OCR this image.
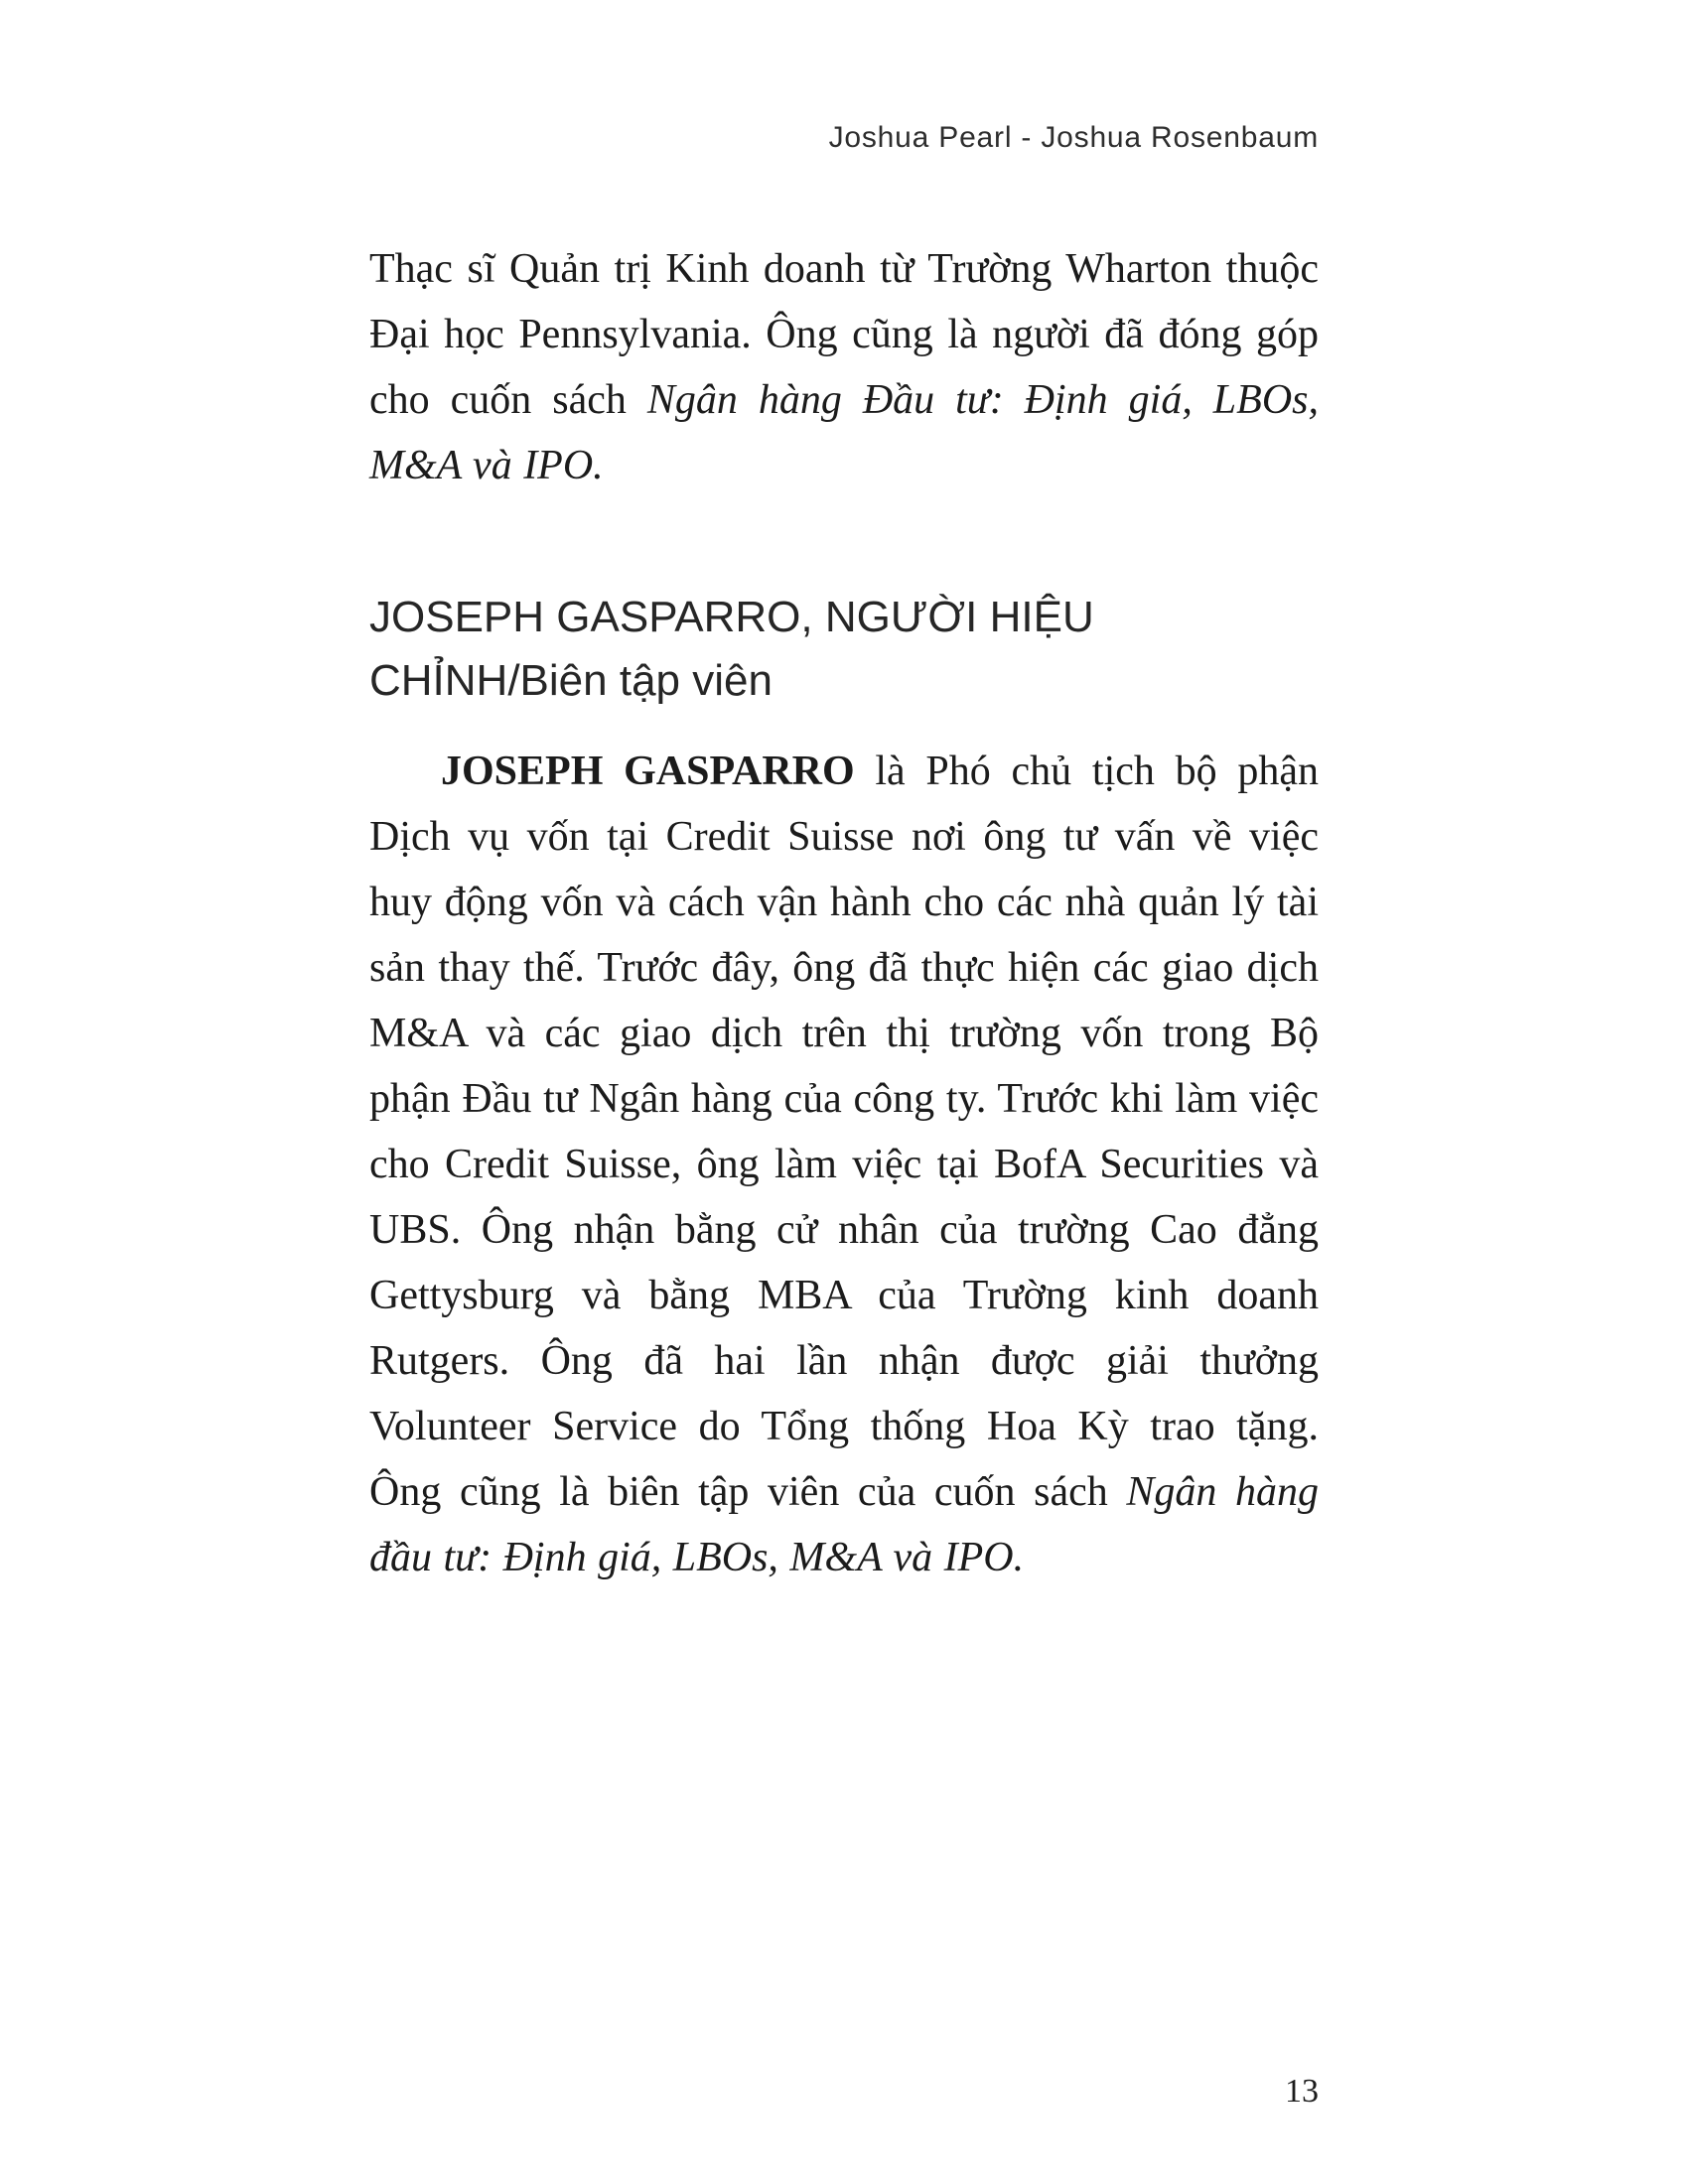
Joshua Pearl - Joshua Rosenbaum

Thạc sĩ Quản trị Kinh doanh từ Trường Wharton thuộc Đại học Pennsylvania. Ông cũng là người đã đóng góp cho cuốn sách Ngân hàng Đầu tư: Định giá, LBOs, M&A và IPO.

JOSEPH GASPARRO, NGƯỜI HIỆU CHỈNH/Biên tập viên

JOSEPH GASPARRO là Phó chủ tịch bộ phận Dịch vụ vốn tại Credit Suisse nơi ông tư vấn về việc huy động vốn và cách vận hành cho các nhà quản lý tài sản thay thế. Trước đây, ông đã thực hiện các giao dịch M&A và các giao dịch trên thị trường vốn trong Bộ phận Đầu tư Ngân hàng của công ty. Trước khi làm việc cho Credit Suisse, ông làm việc tại BofA Securities và UBS. Ông nhận bằng cử nhân của trường Cao đẳng Gettysburg và bằng MBA của Trường kinh doanh Rutgers. Ông đã hai lần nhận được giải thưởng Volunteer Service do Tổng thống Hoa Kỳ trao tặng. Ông cũng là biên tập viên của cuốn sách Ngân hàng đầu tư: Định giá, LBOs, M&A và IPO.

13
